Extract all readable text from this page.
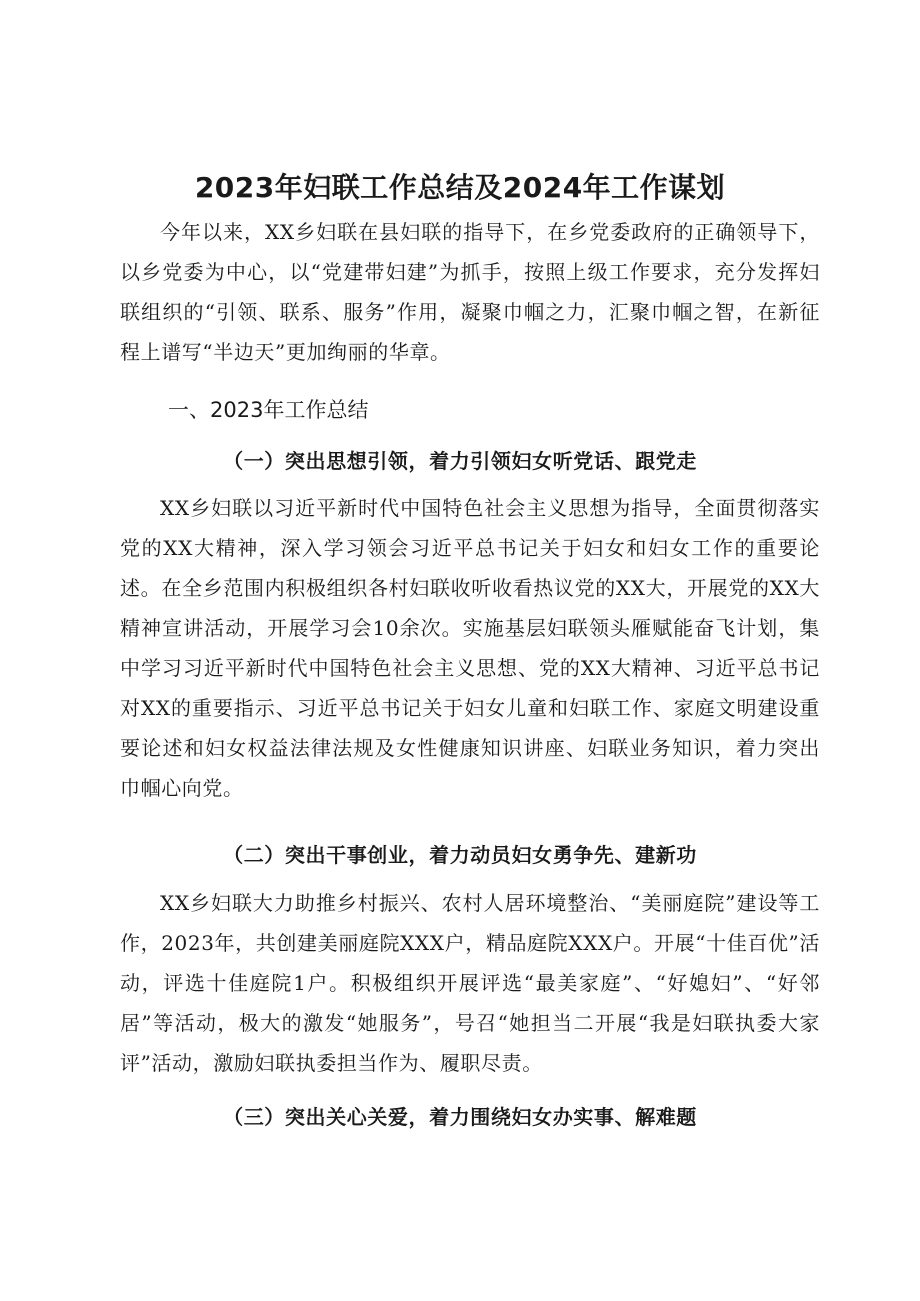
2023年妇联工作总结及2024年工作谋划

今年以来，XX乡妇联在县妇联的指导下，在乡党委政府的正确领导下，以乡党委为中心，以“党建带妇建”为抓手，按照上级工作要求，充分发挥妇联组织的“引领、联系、服务”作用，凝聚巾帼之力，汇聚巾帼之智，在新征程上谱写“半边天”更加绚丽的华章。

一、2023年工作总结
（一）突出思想引领，着力引领妇女听党话、跟党走

XX乡妇联以习近平新时代中国特色社会主义思想为指导，全面贯彻落实党的XX大精神，深入学习领会习近平总书记关于妇女和妇女工作的重要论述。在全乡范围内积极组织各村妇联收听收看热议党的XX大，开展党的XX大精神宣讲活动，开展学习会10余次。实施基层妇联领头雁赋能奋飞计划，集中学习习近平新时代中国特色社会主义思想、党的XX大精神、习近平总书记对XX的重要指示、习近平总书记关于妇女儿童和妇联工作、家庭文明建设重要论述和妇女权益法律法规及女性健康知识讲座、妇联业务知识，着力突出巾帼心向党。

（二）突出干事创业，着力动员妇女勇争先、建新功

XX乡妇联大力助推乡村振兴、农村人居环境整治、“美丽庭院”建设等工作，2023年，共创建美丽庭院XXX户，精品庭院XXX户。开展“十佳百优”活动，评选十佳庭院1户。积极组织开展评选“最美家庭”、“好媳妇”、“好邻居”等活动，极大的激发“她服务”，号召“她担当二开展“我是妇联执委大家评”活动，激励妇联执委担当作为、履职尽责。

（三）突出关心关爱，着力围绕妇女办实事、解难题
